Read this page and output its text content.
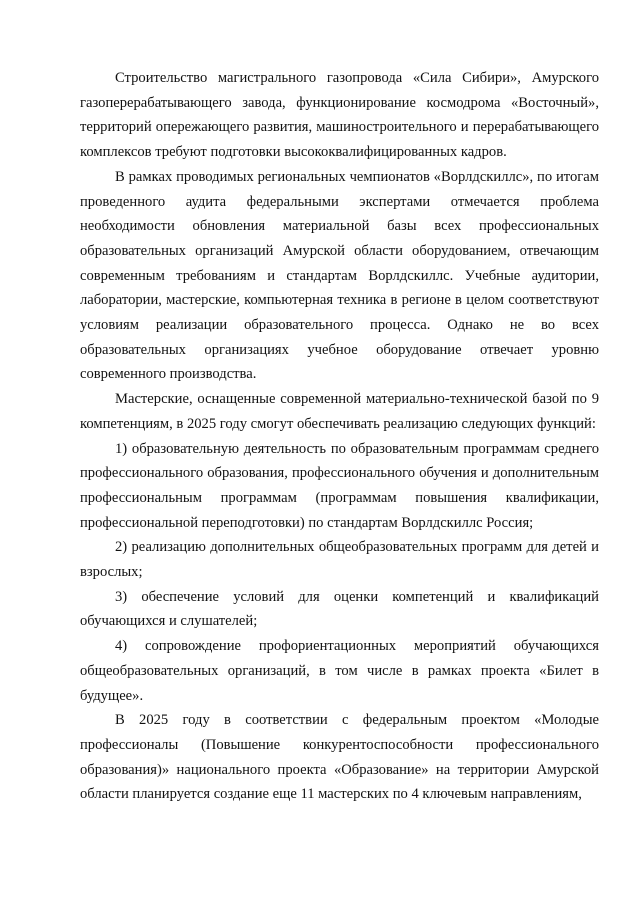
Строительство магистрального газопровода «Сила Сибири», Амурского газоперерабатывающего завода, функционирование космодрома «Восточный», территорий опережающего развития, машиностроительного и перерабатывающего комплексов требуют подготовки высококвалифицированных кадров.

В рамках проводимых региональных чемпионатов «Ворлдскиллс», по итогам проведенного аудита федеральными экспертами отмечается проблема необходимости обновления материальной базы всех профессиональных образовательных организаций Амурской области оборудованием, отвечающим современным требованиям и стандартам Ворлдскиллс. Учебные аудитории, лаборатории, мастерские, компьютерная техника в регионе в целом соответствуют условиям реализации образовательного процесса. Однако не во всех образовательных организациях учебное оборудование отвечает уровню современного производства.

Мастерские, оснащенные современной материально-технической базой по 9 компетенциям, в 2025 году смогут обеспечивать реализацию следующих функций:

1) образовательную деятельность по образовательным программам среднего профессионального образования, профессионального обучения и дополнительным профессиональным программам (программам повышения квалификации, профессиональной переподготовки) по стандартам Ворлдскиллс Россия;

2) реализацию дополнительных общеобразовательных программ для детей и взрослых;

3) обеспечение условий для оценки компетенций и квалификаций обучающихся и слушателей;

4) сопровождение профориентационных мероприятий обучающихся общеобразовательных организаций, в том числе в рамках проекта «Билет в будущее».

В 2025 году в соответствии с федеральным проектом «Молодые профессионалы (Повышение конкурентоспособности профессионального образования)» национального проекта «Образование» на территории Амурской области планируется создание еще 11 мастерских по 4 ключевым направлениям,
